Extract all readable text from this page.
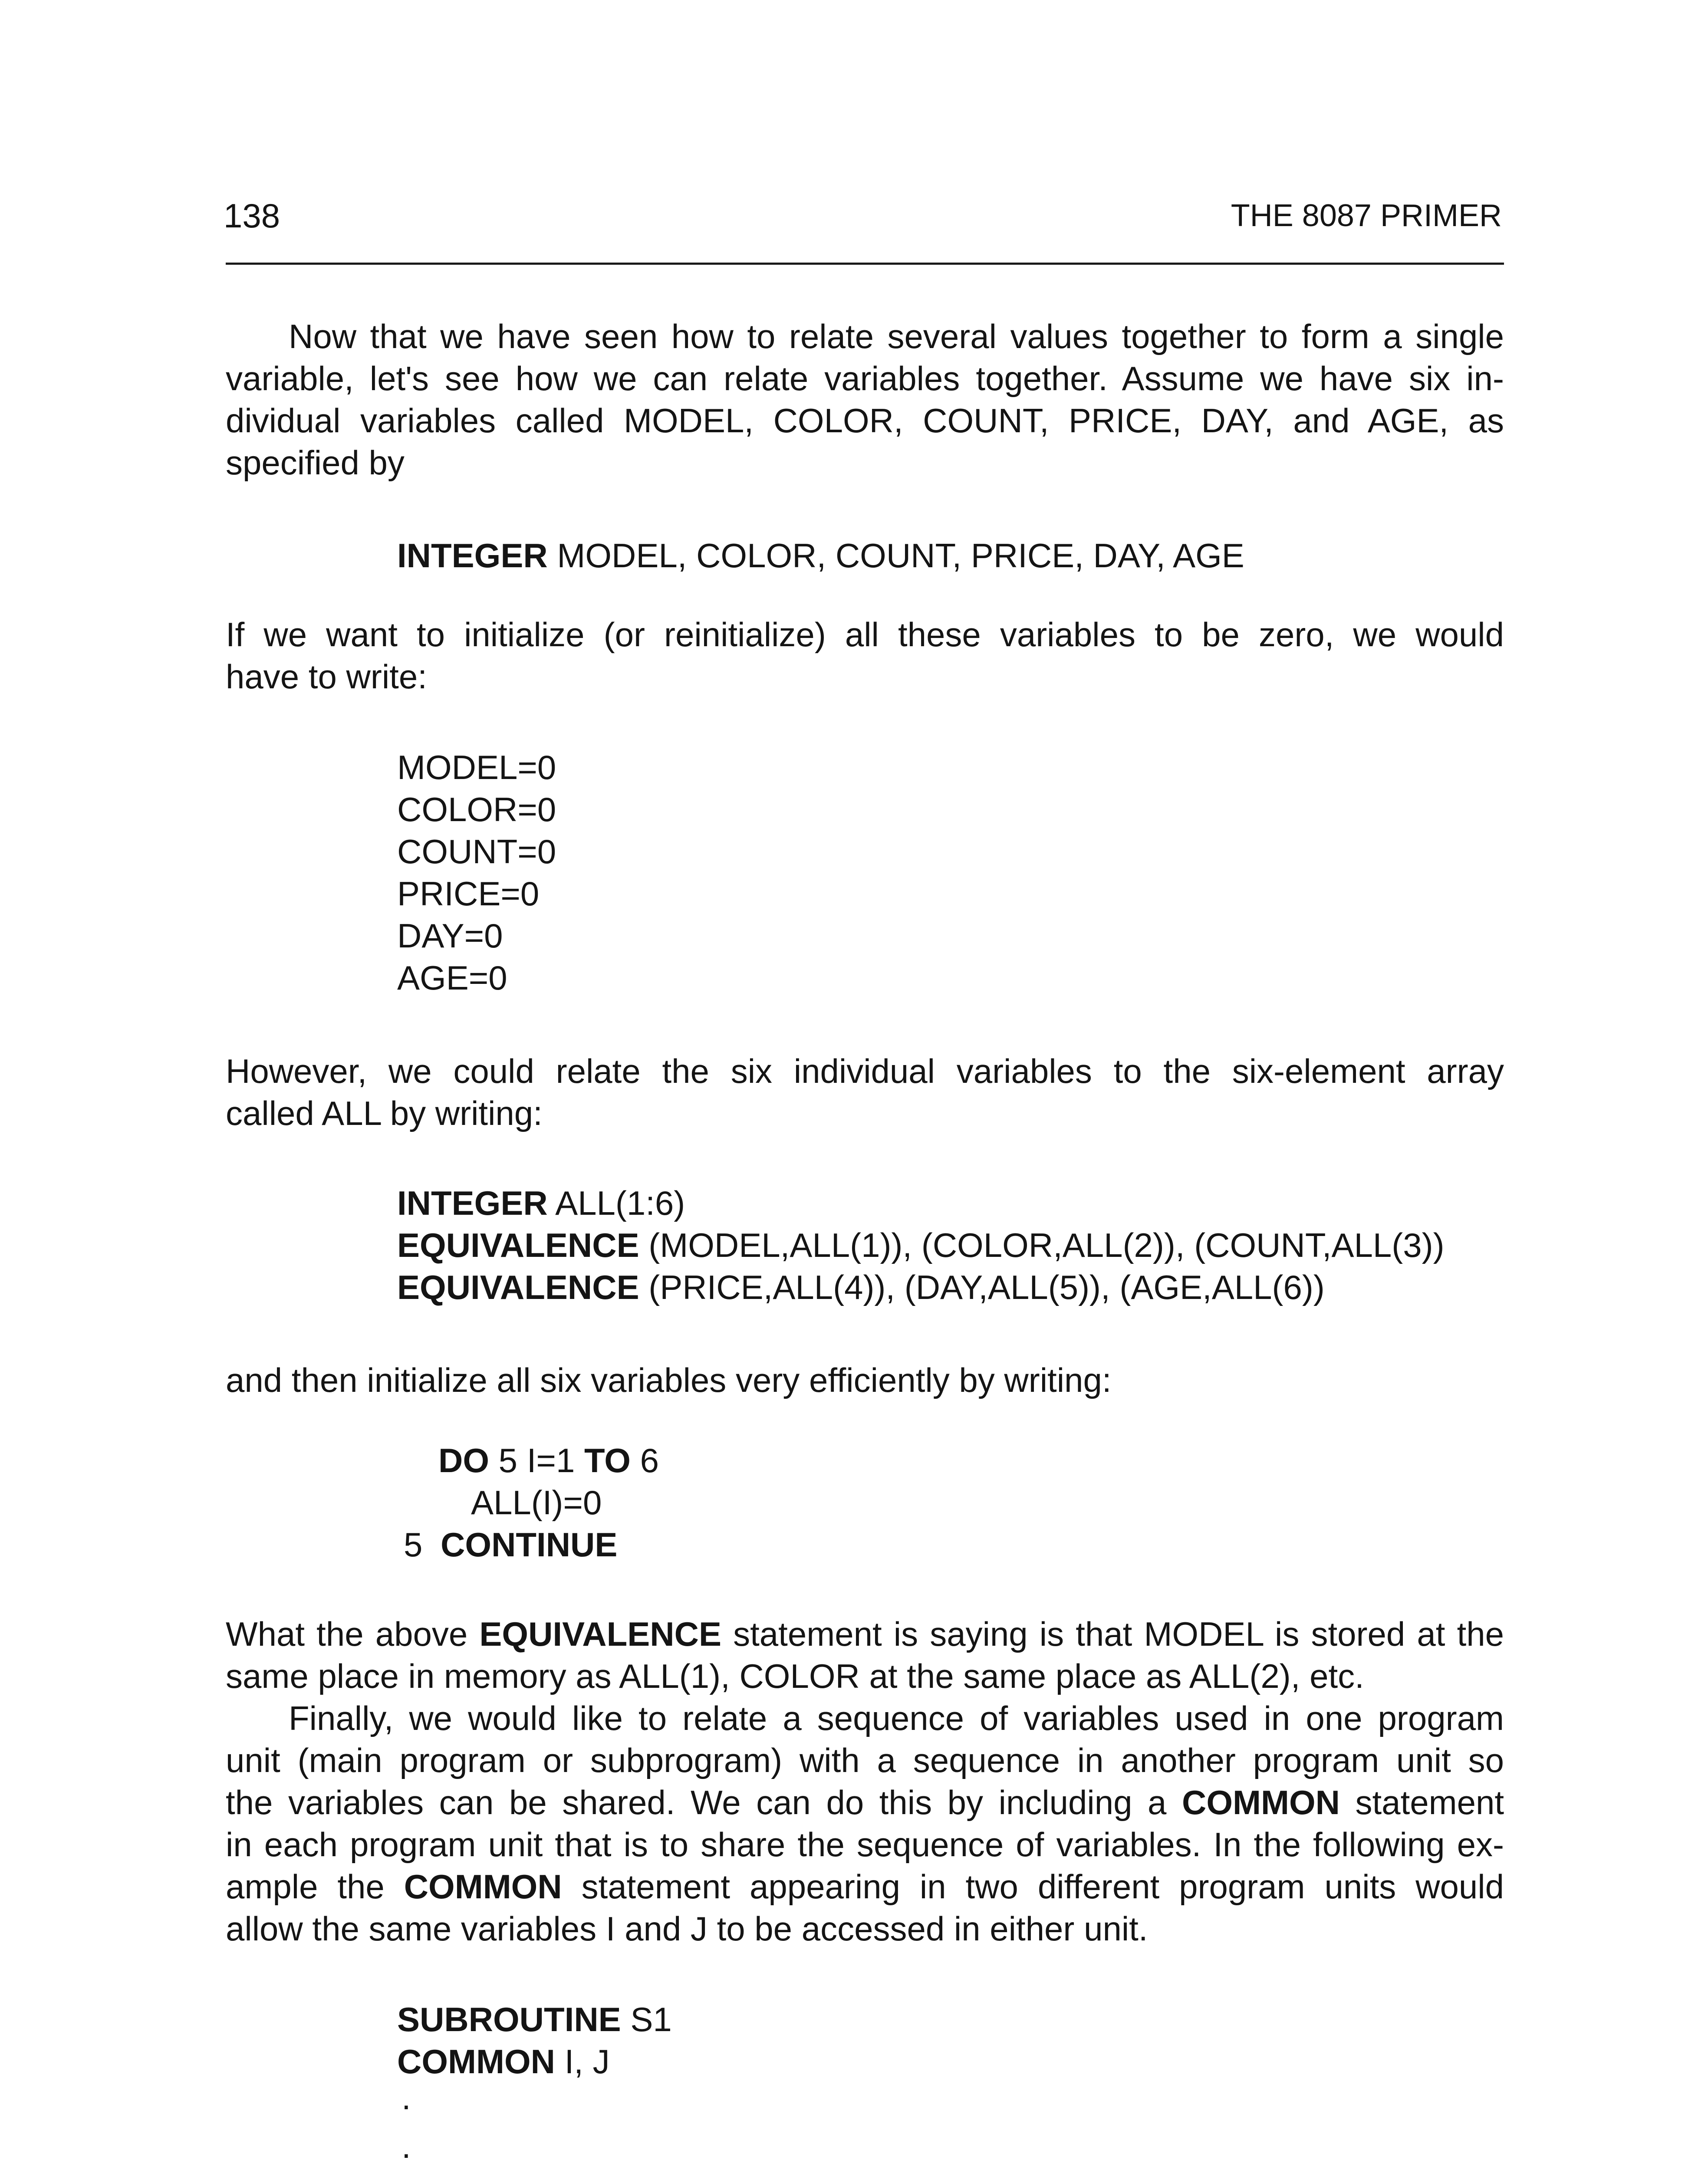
138	THE 8087 PRIMER
Now that we have seen how to relate several values together to form a single
variable, let's see how we can relate variables together. Assume we have six in-
dividual variables called MODEL, COLOR, COUNT, PRICE, DAY, and AGE, as
specified by
INTEGER MODEL, COLOR, COUNT, PRICE, DAY, AGE
If we want to initialize (or reinitialize) all these variables to be zero, we would
have to write:
MODEL=0
COLOR=0
COUNT=0
PRICE=0
DAY=0
AGE=0
However, we could relate the six individual variables to the six-element array
called ALL by writing:
INTEGER ALL(1:6)
EQUIVALENCE (MODEL,ALL(1)), (COLOR,ALL(2)), (COUNT,ALL(3))
EQUIVALENCE (PRICE,ALL(4)), (DAY,ALL(5)), (AGE,ALL(6))
and then initialize all six variables very efficiently by writing:
DO 5 I=1 TO 6
ALL(I)=0
5 CONTINUE
What the above EQUIVALENCE statement is saying is that MODEL is stored at the
same place in memory as ALL(1), COLOR at the same place as ALL(2), etc.
Finally, we would like to relate a sequence of variables used in one program
unit (main program or subprogram) with a sequence in another program unit so
the variables can be shared. We can do this by including a COMMON statement
in each program unit that is to share the sequence of variables. In the following ex-
ample the COMMON statement appearing in two different program units would
allow the same variables I and J to be accessed in either unit.
SUBROUTINE S1
COMMON I, J
.
.
